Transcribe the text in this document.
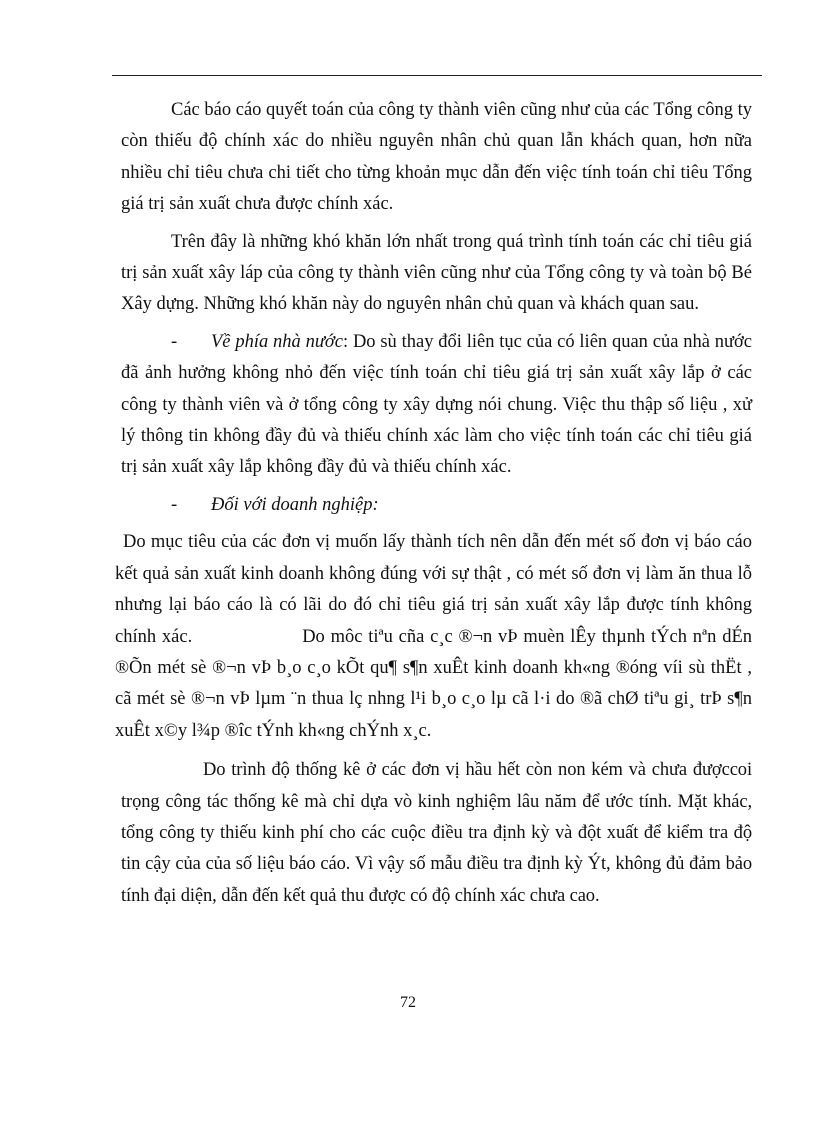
Các báo cáo quyết toán của công ty thành viên cũng như của các Tổng công ty còn thiếu độ chính xác do nhiều nguyên nhân chủ quan lẫn khách quan, hơn nữa nhiều chỉ tiêu chưa chi tiết cho từng khoản mục dẫn đến việc tính toán chỉ tiêu Tổng giá trị sản xuất chưa được chính xác.

Trên đây là những khó khăn lớn nhất trong quá trình tính toán các chỉ tiêu giá trị sản xuất xây láp của công ty thành viên cũng như của Tổng công ty và toàn bộ Bé Xây dựng. Những khó khăn này do nguyên nhân chủ quan và khách quan sau.

- Về phía nhà nước: Do sù thay đổi liên tục của có liên quan của nhà nước đã ảnh hưởng không nhỏ đến việc tính toán chỉ tiêu giá trị sản xuất xây lắp ở các công ty thành viên và ở tổng công ty xây dựng nói chung. Việc thu thập số liệu , xử lý thông tin không đầy đủ và thiếu chính xác làm cho việc tính toán các chỉ tiêu giá trị sản xuất xây lắp không đầy đủ và thiếu chính xác.

- Đối với doanh nghiệp:

Do mục tiêu của các đơn vị muốn lấy thành tích nên dẫn đến mét số đơn vị báo cáo kết quả sản xuất kinh doanh không đúng với sự thật , có mét số đơn vị làm ăn thua lỗ nhưng lại báo cáo là có lãi do đó chỉ tiêu giá trị sản xuất xây lắp được tính không chính xác.	Do môc tiªu cña c¸c ®¬n vÞ muèn lÊy thµnh tÝch nªn dÉn ®Õn mét sè ®¬n vÞ b¸o c¸o kÕt qu¶ s¶n xuÊt kinh doanh kh«ng ®óng víi sù thËt , cã mét sè ®¬n vÞ lµm ¨n thua lç nhng l¹i b¸o c¸o lµ cã l·i do ®ã chØ tiªu gi¸ trÞ s¶n xuÊt x©y l¾p ®îc tÝnh kh«ng chÝnh x¸c.

Do trình độ thống kê ở các đơn vị hầu hết còn non kém và chưa đượccoi trọng công tác thống kê mà chỉ dựa vò kinh nghiệm lâu năm để ước tính. Mặt khác, tổng công ty thiếu kinh phí cho các cuộc điều tra định kỳ và đột xuất để kiểm tra độ tin cậy của của số liệu báo cáo. Vì vậy số mẫu điều tra định kỳ Ýt, không đủ đảm bảo tính đại diện, dẫn đến kết quả thu được có độ chính xác chưa cao.

72
